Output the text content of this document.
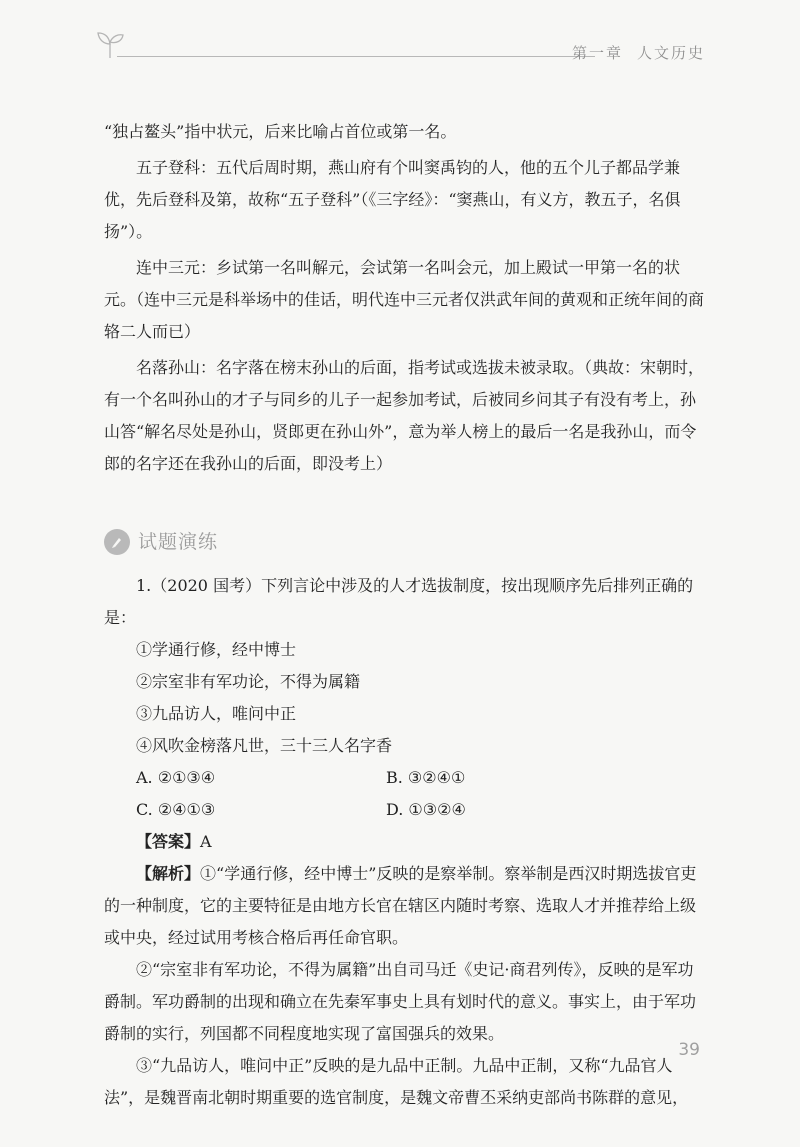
第一章 人文历史

“独占鳌头”指中状元，后来比喻占首位或第一名。

五子登科：五代后周时期，燕山府有个叫窦禹钧的人，他的五个儿子都品学兼优，先后登科及第，故称“五子登科”（《三字经》：“窦燕山，有义方，教五子，名俱扬”）。

连中三元：乡试第一名叫解元，会试第一名叫会元，加上殿试一甲第一名的状元。（连中三元是科举场中的佳话，明代连中三元者仅洪武年间的黄观和正统年间的商辂二人而已）

名落孙山：名字落在榜末孙山的后面，指考试或选拔未被录取。（典故：宋朝时，有一个名叫孙山的才子与同乡的儿子一起参加考试，后被同乡问其子有没有考上，孙山答“解名尽处是孙山，贤郎更在孙山外”，意为举人榜上的最后一名是我孙山，而令郎的名字还在我孙山的后面，即没考上）

试题演练

1.（2020 国考）下列言论中涉及的人才选拔制度，按出现顺序先后排列正确的是：

①学通行修，经中博士

②宗室非有军功论，不得为属籍

③九品访人，唯问中正

④风吹金榜落凡世，三十三人名字香

A. ②①③④	B. ③②④①
C. ②④①③	D. ①③②④

【答案】A

【解析】①“学通行修，经中博士”反映的是察举制。察举制是西汉时期选拔官吏的一种制度，它的主要特征是由地方长官在辖区内随时考察、选取人才并推荐给上级或中央，经过试用考核合格后再任命官职。

②“宗室非有军功论，不得为属籍”出自司马迁《史记·商君列传》，反映的是军功爵制。军功爵制的出现和确立在先秦军事史上具有划时代的意义。事实上，由于军功爵制的实行，列国都不同程度地实现了富国强兵的效果。

③“九品访人，唯问中正”反映的是九品中正制。九品中正制，又称“九品官人法”，是魏晋南北朝时期重要的选官制度，是魏文帝曹丕采纳吏部尚书陈群的意见，

39
